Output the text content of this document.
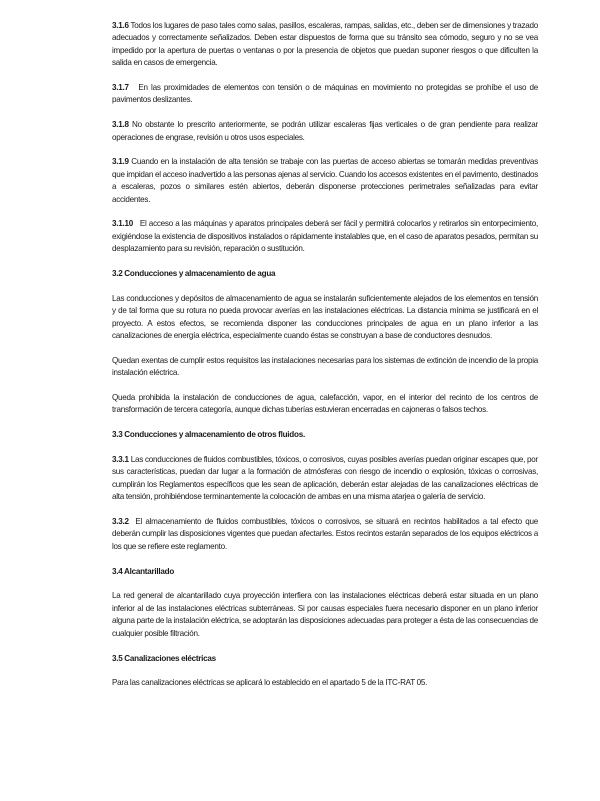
3.1.6 Todos los lugares de paso tales como salas, pasillos, escaleras, rampas, salidas, etc., deben ser de dimensiones y trazado adecuados y correctamente señalizados. Deben estar dispuestos de forma que su tránsito sea cómodo, seguro y no se vea impedido por la apertura de puertas o ventanas o por la presencia de objetos que puedan suponer riesgos o que dificulten la salida en casos de emergencia.

3.1.7 En las proximidades de elementos con tensión o de máquinas en movimiento no protegidas se prohíbe el uso de pavimentos deslizantes.

3.1.8 No obstante lo prescrito anteriormente, se podrán utilizar escaleras fijas verticales o de gran pendiente para realizar operaciones de engrase, revisión u otros usos especiales.

3.1.9 Cuando en la instalación de alta tensión se trabaje con las puertas de acceso abiertas se tomarán medidas preventivas que impidan el acceso inadvertido a las personas ajenas al servicio. Cuando los accesos existentes en el pavimento, destinados a escaleras, pozos o similares estén abiertos, deberán disponerse protecciones perimetrales señalizadas para evitar accidentes.

3.1.10 El acceso a las máquinas y aparatos principales deberá ser fácil y permitirá colocarlos y retirarlos sin entorpecimiento, exigiéndose la existencia de dispositivos instalados o rápidamente instalables que, en el caso de aparatos pesados, permitan su desplazamiento para su revisión, reparación o sustitución.

3.2 Conducciones y almacenamiento de agua

Las conducciones y depósitos de almacenamiento de agua se instalarán suficientemente alejados de los elementos en tensión y de tal forma que su rotura no pueda provocar averías en las instalaciones eléctricas. La distancia mínima se justificará en el proyecto. A estos efectos, se recomienda disponer las conducciones principales de agua en un plano inferior a las canalizaciones de energía eléctrica, especialmente cuando éstas se construyan a base de conductores desnudos.

Quedan exentas de cumplir estos requisitos las instalaciones necesarias para los sistemas de extinción de incendio de la propia instalación eléctrica.

Queda prohibida la instalación de conducciones de agua, calefacción, vapor, en el interior del recinto de los centros de transformación de tercera categoría, aunque dichas tuberías estuvieran encerradas en cajoneras o falsos techos.

3.3 Conducciones y almacenamiento de otros fluidos.

3.3.1 Las conducciones de fluidos combustibles, tóxicos, o corrosivos, cuyas posibles averías puedan originar escapes que, por sus características, puedan dar lugar a la formación de atmósferas con riesgo de incendio o explosión, tóxicas o corrosivas, cumplirán los Reglamentos específicos que les sean de aplicación, deberán estar alejadas de las canalizaciones eléctricas de alta tensión, prohibiéndose terminantemente la colocación de ambas en una misma atarjea o galería de servicio.

3.3.2 El almacenamiento de fluidos combustibles, tóxicos o corrosivos, se situará en recintos habilitados a tal efecto que deberán cumplir las disposiciones vigentes que puedan afectarles. Estos recintos estarán separados de los equipos eléctricos a los que se refiere este reglamento.

3.4 Alcantarillado

La red general de alcantarillado cuya proyección interfiera con las instalaciones eléctricas deberá estar situada en un plano inferior al de las instalaciones eléctricas subterráneas. Si por causas especiales fuera necesario disponer en un plano inferior alguna parte de la instalación eléctrica, se adoptarán las disposiciones adecuadas para proteger a ésta de las consecuencias de cualquier posible filtración.

3.5 Canalizaciones eléctricas

Para las canalizaciones eléctricas se aplicará lo establecido en el apartado 5 de la ITC-RAT 05.
